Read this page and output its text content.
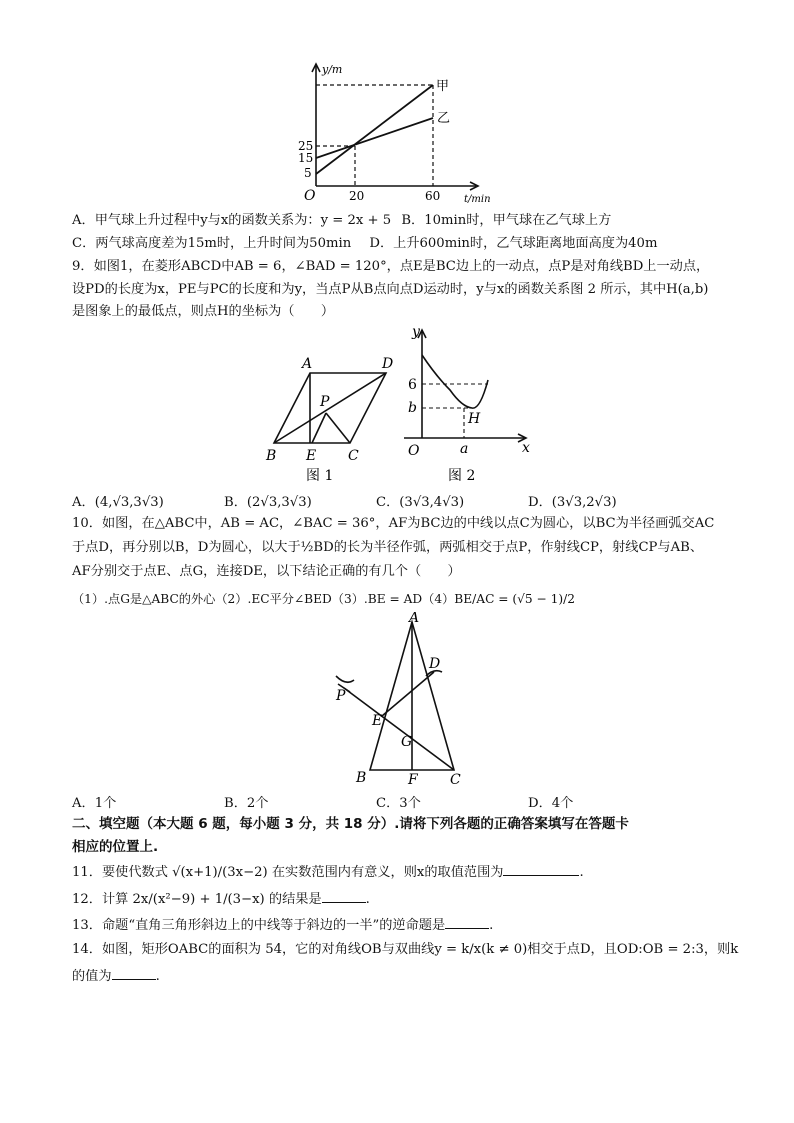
y/m
t/min
O
25
15
5
20	60
甲
乙
A．甲气球上升过程中y与x的函数关系为：y = 2x + 5 B．10min时，甲气球在乙气球上方
C．两气球高度差为15m时，上升时间为50min D．上升600min时，乙气球距离地面高度为40m
9．如图1，在菱形ABCD中AB = 6，∠BAD = 120°，点E是BC边上的一动点，点P是对角线BD上一动点，
设PD的长度为x，PE与PC的长度和为y，当点P从B点向点D运动时，y与x的函数关系图 2 所示，其中H(a,b)
是图象上的最低点，则点H的坐标为（　　）
A	D
P
B E C
图 1
y
x
O
6
b
a
H
图 2
A．(4,√3,3√3)	B．(2√3,3√3)	C．(3√3,4√3)	D．(3√3,2√3)
10．如图，在△ABC中，AB = AC，∠BAC = 36°，AF为BC边的中线以点C为圆心，以BC为半径画弧交AC
于点D，再分别以B，D为圆心，以大于½BD的长为半径作弧，两弧相交于点P，作射线CP，射线CP与AB、
AF分别交于点E、点G，连接DE，以下结论正确的有几个（　　）
（1）.点G是△ABC的外心（2）.EC平分∠BED（3）.BE = AD（4）BE/AC = (√5 − 1)/2
A
D
P
E
G
B	F C
A．1个	B．2个	C．3个	D．4个
二、填空题（本大题 6 题，每小题 3 分，共 18 分）.请将下列各题的正确答案填写在答题卡
相应的位置上.
11．要使代数式 √(x+1)/(3x−2) 在实数范围内有意义，则x的取值范围为	.
12．计算 2x/(x²−9) + 1/(3−x) 的结果是	.
13．命题“直角三角形斜边上的中线等于斜边的一半”的逆命题是	.
14．如图，矩形OABC的面积为 54，它的对角线OB与双曲线y = k/x(k ≠ 0)相交于点D，且OD:OB = 2:3，则k
的值为	.
